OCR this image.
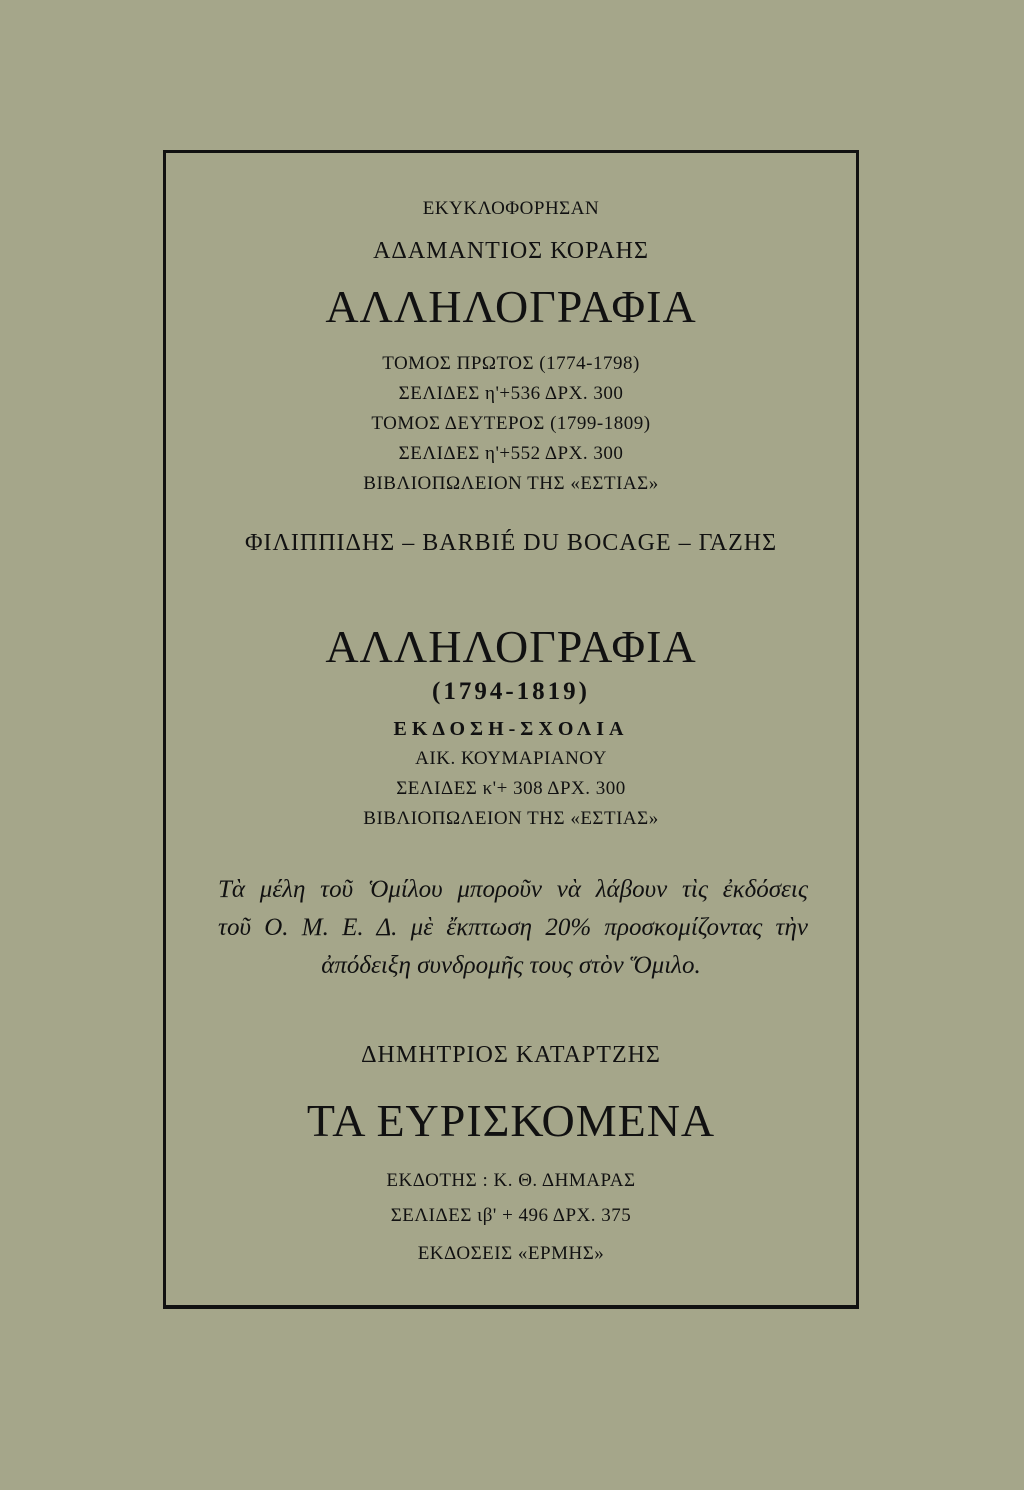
ΕΚΥΚΛΟΦΟΡΗΣΑΝ
ΑΔΑΜΑΝΤΙΟΣ ΚΟΡΑΗΣ
ΑΛΛΗΛΟΓΡΑΦΙΑ
ΤΟΜΟΣ ΠΡΩΤΟΣ (1774-1798)
ΣΕΛΙΔΕΣ η'+536 ΔΡΧ. 300
ΤΟΜΟΣ ΔΕΥΤΕΡΟΣ (1799-1809)
ΣΕΛΙΔΕΣ η'+552 ΔΡΧ. 300
ΒΙΒΛΙΟΠΩΛΕΙΟΝ ΤΗΣ «ΕΣΤΙΑΣ»
ΦΙΛΙΠΠΙΔΗΣ – BARBIÉ DU BOCAGE – ΓΑΖΗΣ
ΑΛΛΗΛΟΓΡΑΦΙΑ
(1794-1819)
ΕΚΔΟΣΗ-ΣΧΟΛΙΑ
ΑΙΚ. ΚΟΥΜΑΡΙΑΝΟΥ
ΣΕΛΙΔΕΣ κ'+ 308 ΔΡΧ. 300
ΒΙΒΛΙΟΠΩΛΕΙΟΝ ΤΗΣ «ΕΣΤΙΑΣ»
Τὰ μέλη τοῦ Ὁμίλου μποροῦν νὰ λάβουν τὶς ἐκδόσεις
τοῦ Ο. Μ. Ε. Δ. μὲ ἔκπτωση 20% προσκομίζοντας τὴν
ἀπόδειξη συνδρομῆς τους στὸν Ὅμιλο.
ΔΗΜΗΤΡΙΟΣ ΚΑΤΑΡΤΖΗΣ
ΤΑ ΕΥΡΙΣΚΟΜΕΝΑ
ΕΚΔΟΤΗΣ : Κ. Θ. ΔΗΜΑΡΑΣ
ΣΕΛΙΔΕΣ ιβ' + 496 ΔΡΧ. 375
ΕΚΔΟΣΕΙΣ «ΕΡΜΗΣ»
